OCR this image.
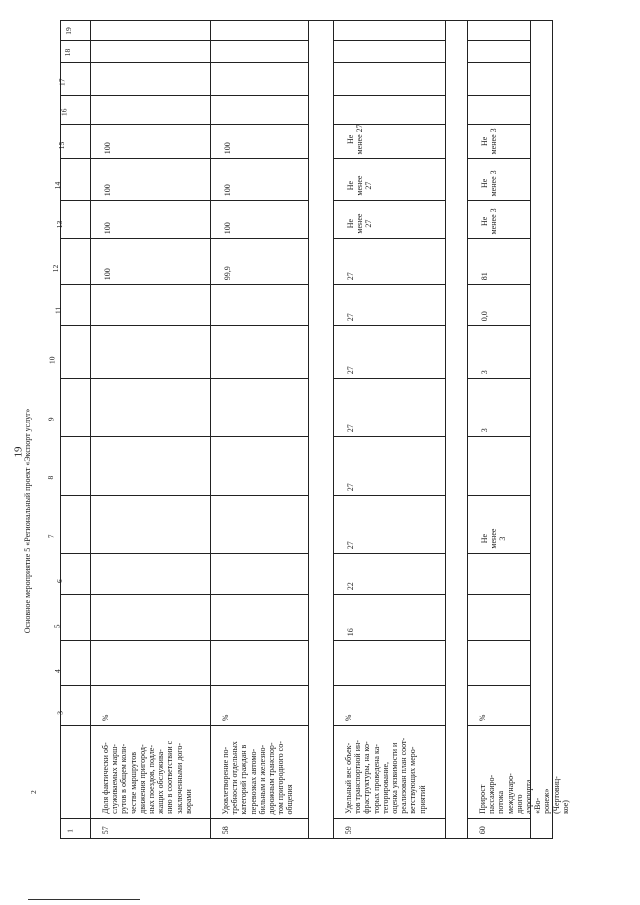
19
1
2
3
4
5
6
7
8
9
10
11
12
13
14
15
16
17
18
19
57
Доля фактически об-
служиваемых марш-
рутов в общем коли-
честве маршрутов
движения пригород-
ных поездов, подле-
жащих обслужива-
нию в соответствии с
заключенными дого-
ворами
%
100
100
100
100
58
Удовлетворение по-
требности отдельных
категорий граждан в
перевозках автомо-
бильным и железно-
дорожным транспор-
том пригородного со-
общения
%
99,9
100
100
100
59
Удельный вес объек-
тов транспортной ин-
фраструктуры, на ко-
торых проведена ка-
тегорирование,
оценка уязвимости и
реализован план соот-
ветствующих меро-
приятий
%
16
22
27
27
27
27
27
27
Не
менее
27
Не
менее
27
Не
менее 27
60
Прирост пассажиро-
потока междунаро-
дного аэропорта «Во-
ронеж» (Чертовиц-
кое)
%
Не
менее
3
3
3
0,0
81
Не
менее 3
Не
менее 3
Не
менее 3
Основное мероприятие 5 «Региональный проект «Экспорт услуг»
